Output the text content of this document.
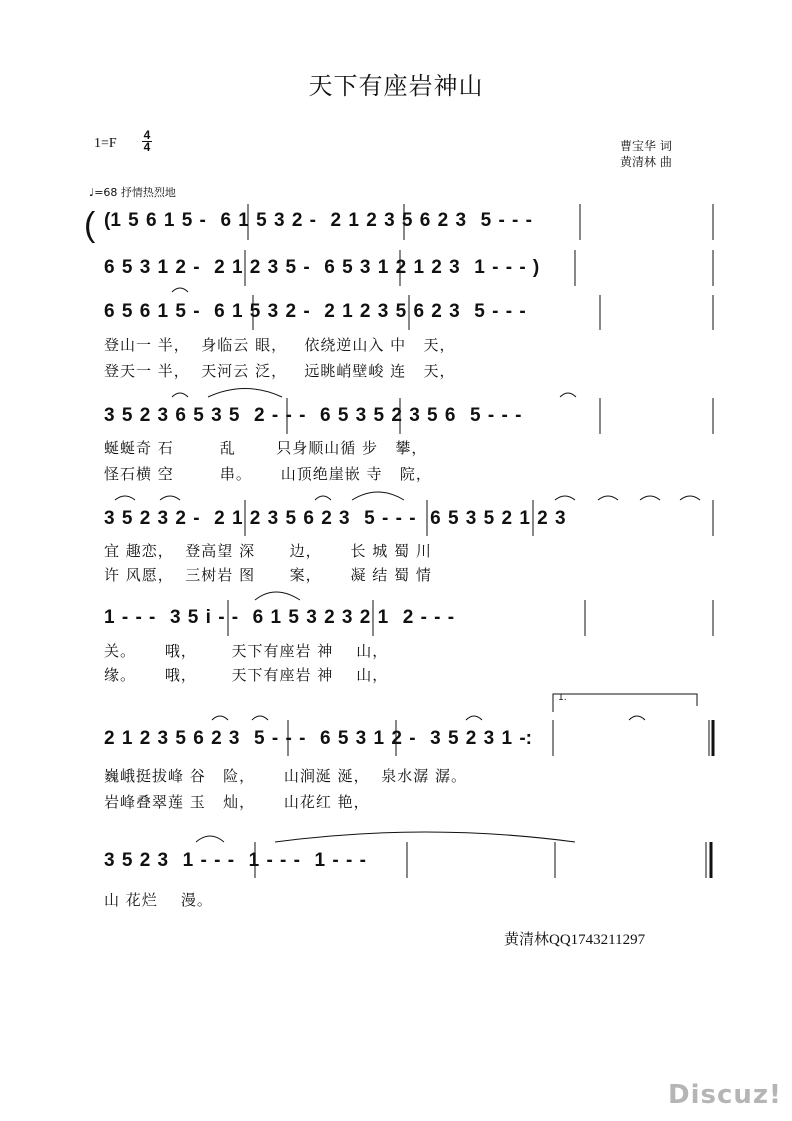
天下有座岩神山
1=F
4
4	曹宝华 词
黄清林 曲
♩=68 抒情热烈地
(1 5 6 1 5 -  6 1 5 3 2 -  2 1 2 3 5 6 2 3  5 - - -
6 5 3 1 2 -  2 1 2 3 5 -  6 5 3 1 2 1 2 3  1 - - - )
6 5 6 1 5 -  6 1 5 3 2 -  2 1 2 3 5 6 2 3  5 - - -
登山一 半，  身临云 眼，   依绕逆山入 中   天，
登天一 半，  天河云 泛，   远眺峭壁峻 连   天，
3 5 2 3 6 5 3 5  2 - - -  6 5 3 5 2 3 5 6  5 - - -
蜒蜒奇 石        乱       只身顺山循 步   攀，
怪石横 空        串。     山顶绝崖嵌 寺   院，
3 5 2 3 2 -  2 1 2 3 5 6 2 3  5 - - -  6 5 3 5 2 1 2 3
宜 趣恋，  登高望 深      边，     长 城 蜀 川
许 风愿，  三树岩 图      案，     凝 结 蜀 情
1 - - -  3 5 i - -  6 1 5 3 2 3 2 1  2 - - -
关。     哦，      天下有座岩 神    山，
缘。     哦，      天下有座岩 神    山，
1.
2 1 2 3 5 6 2 3  5 - - -  6 5 3 1 2 -  3 5 2 3 1 -:
巍峨挺拔峰 谷   险，     山涧涎 涎，  泉水潺 潺。
岩峰叠翠莲 玉   灿，     山花红 艳，
3 5 2 3  1 - - -  1 - - -  1 - - -
山 花烂    漫。
黄清林QQ1743211297
Discuz!
(
